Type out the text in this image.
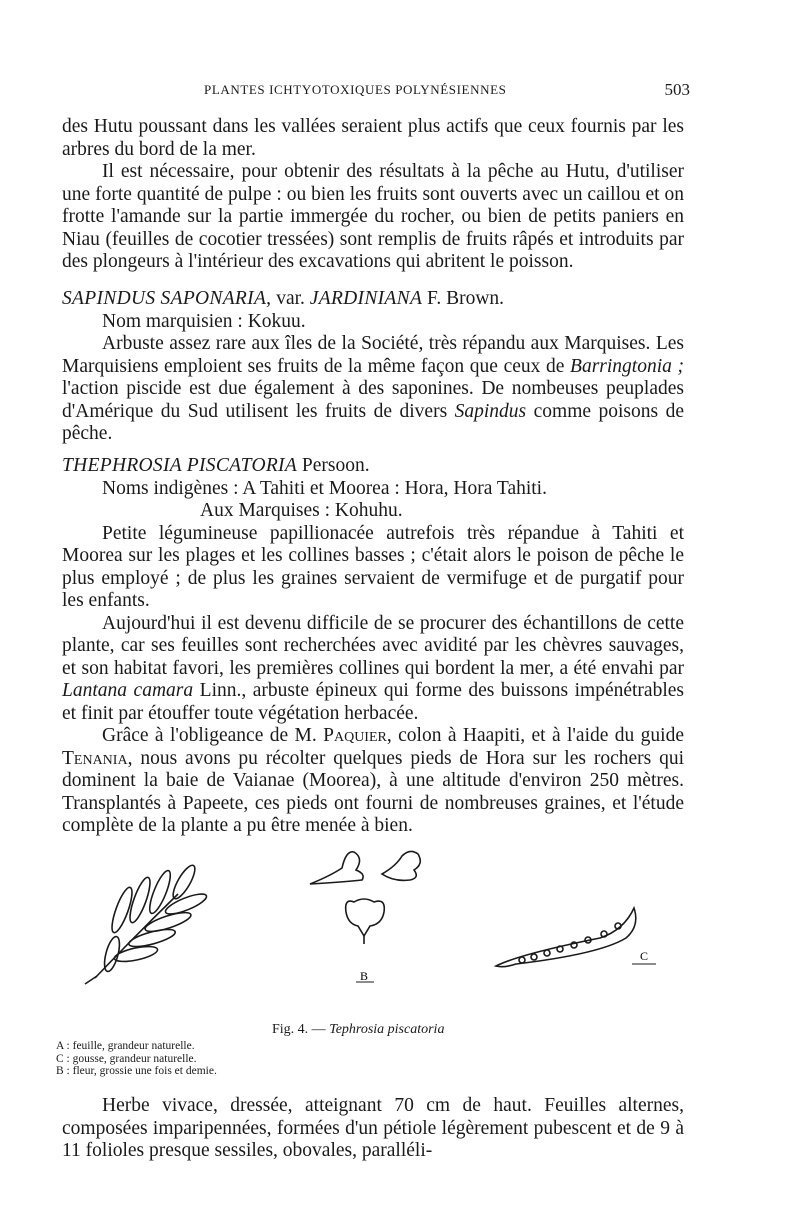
PLANTES ICHTYOTOXIQUES POLYNÉSIENNES	503

des Hutu poussant dans les vallées seraient plus actifs que ceux fournis par les arbres du bord de la mer.

Il est nécessaire, pour obtenir des résultats à la pêche au Hutu, d'utiliser une forte quantité de pulpe : ou bien les fruits sont ouverts avec un caillou et on frotte l'amande sur la partie immergée du rocher, ou bien de petits paniers en Niau (feuilles de cocotier tressées) sont remplis de fruits râpés et introduits par des plongeurs à l'intérieur des excavations qui abritent le poisson.

SAPINDUS SAPONARIA, var. JARDINIANA F. Brown.

Nom marquisien : Kokuu.

Arbuste assez rare aux îles de la Société, très répandu aux Marquises. Les Marquisiens emploient ses fruits de la même façon que ceux de Barringtonia ; l'action piscide est due également à des saponines. De nombeuses peuplades d'Amérique du Sud utilisent les fruits de divers Sapindus comme poisons de pêche.

THEPHROSIA PISCATORIA Persoon.

Noms indigènes : A Tahiti et Moorea : Hora, Hora Tahiti.

Aux Marquises : Kohuhu.

Petite légumineuse papillionacée autrefois très répandue à Tahiti et Moorea sur les plages et les collines basses ; c'était alors le poison de pêche le plus employé ; de plus les graines servaient de vermifuge et de purgatif pour les enfants.

Aujourd'hui il est devenu difficile de se procurer des échantillons de cette plante, car ses feuilles sont recherchées avec avidité par les chèvres sauvages, et son habitat favori, les premières collines qui bordent la mer, a été envahi par Lantana camara Linn., arbuste épineux qui forme des buissons impénétrables et finit par étouffer toute végétation herbacée.

Grâce à l'obligeance de M. Paquier, colon à Haapiti, et à l'aide du guide Tenania, nous avons pu récolter quelques pieds de Hora sur les rochers qui dominent la baie de Vaianae (Moorea), à une altitude d'environ 250 mètres. Transplantés à Papeete, ces pieds ont fourni de nombreuses graines, et l'étude complète de la plante a pu être menée à bien.

B
C
Fig. 4. — Tephrosia piscatoria
A : feuille, grandeur naturelle.
C : gousse, grandeur naturelle.
B : fleur, grossie une fois et demie.

Herbe vivace, dressée, atteignant 70 cm de haut. Feuilles alternes, composées imparipennées, formées d'un pétiole légèrement pubescent et de 9 à 11 folioles presque sessiles, obovales, paralléli-
